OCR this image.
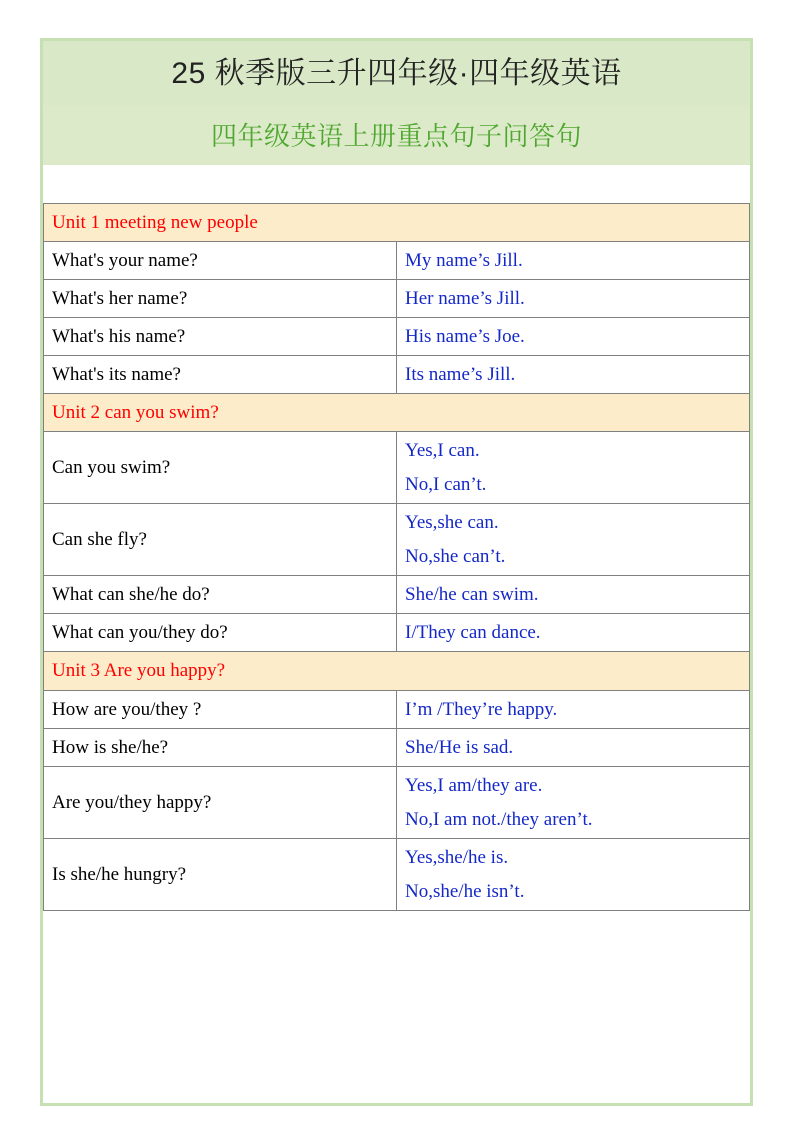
25 秋季版三升四年级·四年级英语
四年级英语上册重点句子问答句
Unit 1 meeting new people	
What's your name?	My name’s Jill.

What's her name?	Her name’s Jill.

What's his name?	His name’s Joe.

What's its name?	Its name’s Jill.

Unit 2 can you swim?	
Can you swim?	Yes,I can.
No,I can’t.

Can she fly?	Yes,she can.
No,she can’t.

What can she/he do?	She/he can swim.

What can you/they do?	I/They can dance.

Unit 3 Are you happy?	
How are you/they ?	I’m /They’re happy.

How is she/he?	She/He is sad.

Are you/they happy?	Yes,I am/they are.
No,I am not./they aren’t.

Is she/he hungry?	Yes,she/he is.
No,she/he isn’t.
